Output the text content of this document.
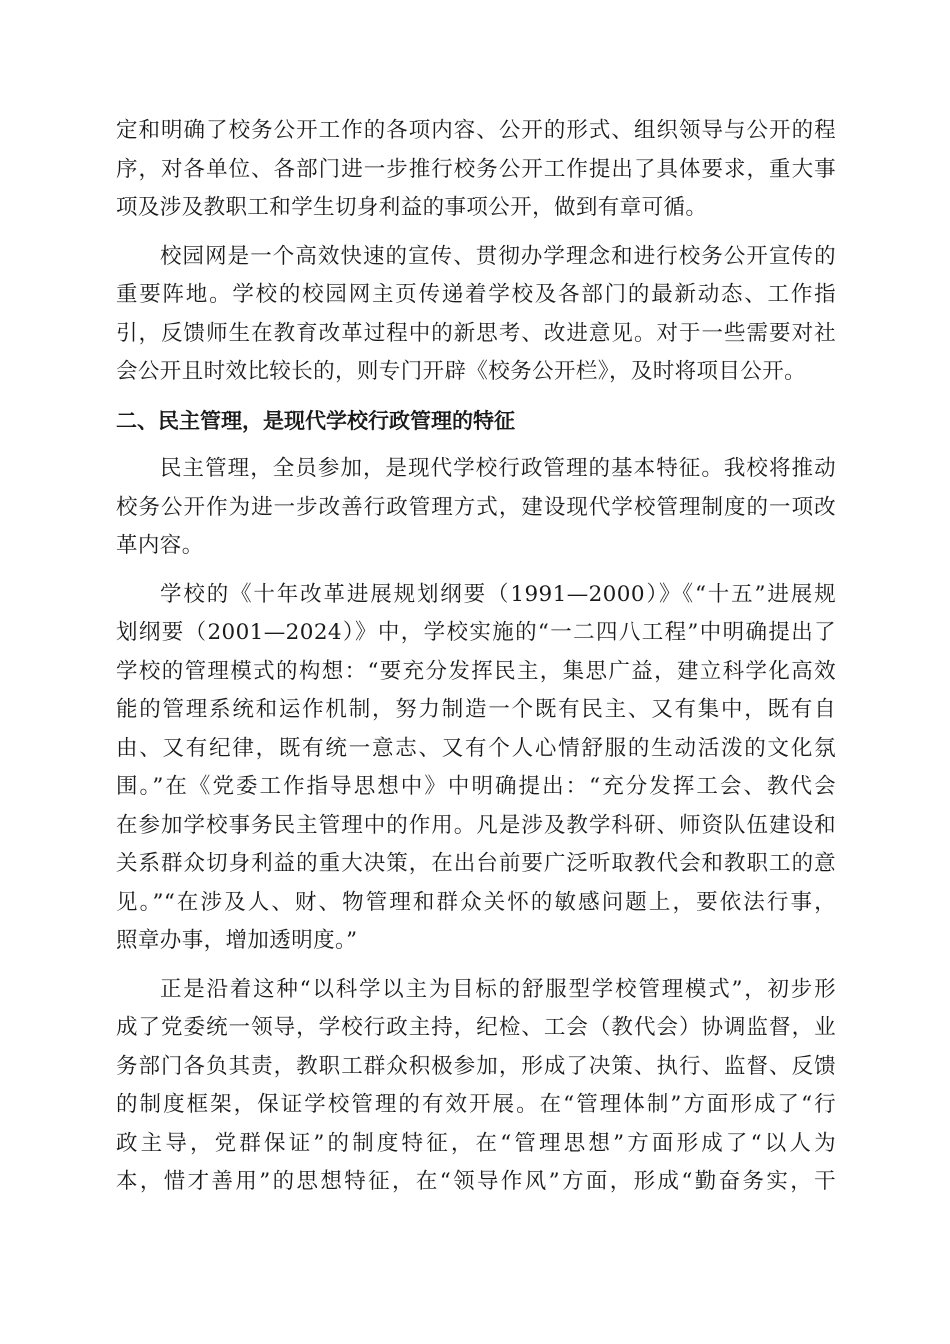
定和明确了校务公开工作的各项内容、公开的形式、组织领导与公开的程
序，对各单位、各部门进一步推行校务公开工作提出了具体要求，重大事
项及涉及教职工和学生切身利益的事项公开，做到有章可循。
校园网是一个高效快速的宣传、贯彻办学理念和进行校务公开宣传的
重要阵地。学校的校园网主页传递着学校及各部门的最新动态、工作指
引，反馈师生在教育改革过程中的新思考、改进意见。对于一些需要对社
会公开且时效比较长的，则专门开辟《校务公开栏》，及时将项目公开。
二、民主管理，是现代学校行政管理的特征
民主管理，全员参加，是现代学校行政管理的基本特征。我校将推动
校务公开作为进一步改善行政管理方式，建设现代学校管理制度的一项改
革内容。
学校的《十年改革进展规划纲要（1991—2000）》《“十五”进展规
划纲要（2001—2024）》中，学校实施的“一二四八工程”中明确提出了
学校的管理模式的构想：“要充分发挥民主，集思广益，建立科学化高效
能的管理系统和运作机制，努力制造一个既有民主、又有集中，既有自
由、又有纪律，既有统一意志、又有个人心情舒服的生动活泼的文化氛
围。”在《党委工作指导思想中》中明确提出：“充分发挥工会、教代会
在参加学校事务民主管理中的作用。凡是涉及教学科研、师资队伍建设和
关系群众切身利益的重大决策，在出台前要广泛听取教代会和教职工的意
见。”“在涉及人、财、物管理和群众关怀的敏感问题上，要依法行事，
照章办事，增加透明度。”
正是沿着这种“以科学以主为目标的舒服型学校管理模式”，初步形
成了党委统一领导，学校行政主持，纪检、工会（教代会）协调监督，业
务部门各负其责，教职工群众积极参加，形成了决策、执行、监督、反馈
的制度框架，保证学校管理的有效开展。在“管理体制”方面形成了“行
政主导，党群保证”的制度特征，在“管理思想”方面形成了“以人为
本，惜才善用”的思想特征，在“领导作风”方面，形成“勤奋务实，干
